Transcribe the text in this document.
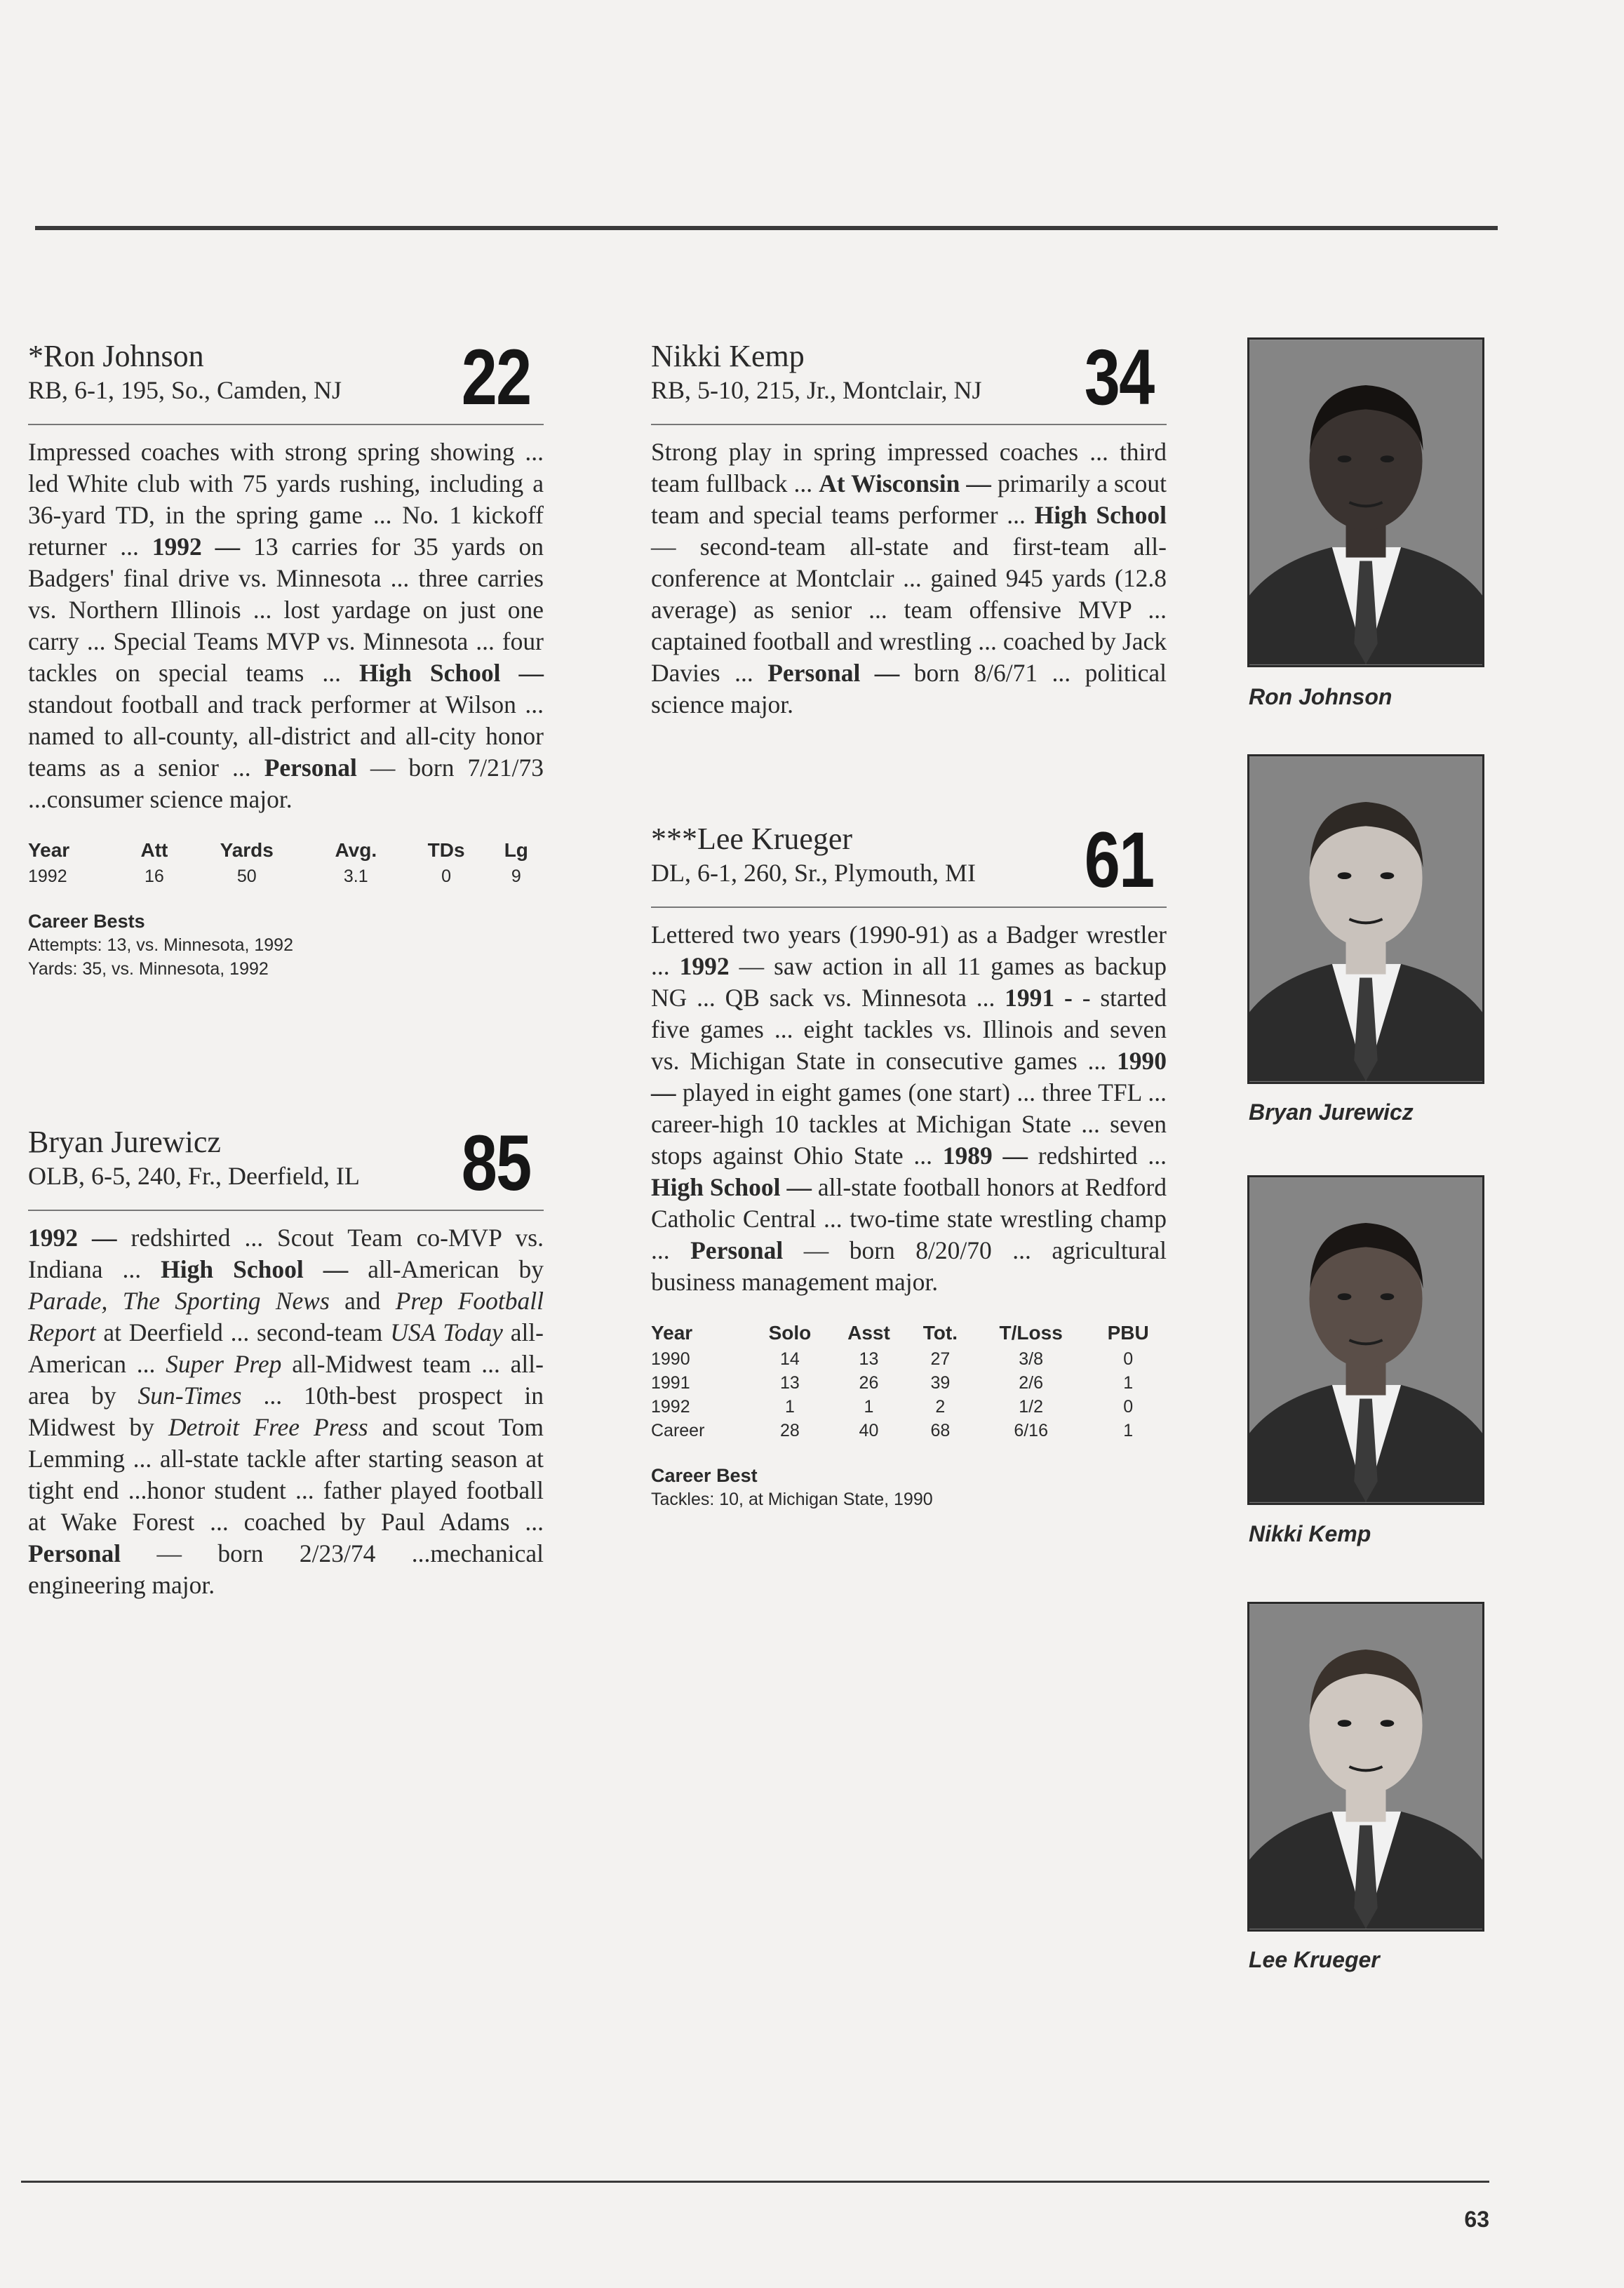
*Ron Johnson
RB, 6-1, 195, So., Camden, NJ	22
Impressed coaches with strong spring showing ... led White club with 75 yards rushing, including a 36-yard TD, in the spring game ... No. 1 kickoff returner ... 1992 — 13 carries for 35 yards on Badgers' final drive vs. Minnesota ... three carries vs. Northern Illinois ... lost yardage on just one carry ... Special Teams MVP vs. Minnesota ... four tackles on special teams ... High School — standout football and track performer at Wilson ... named to all-county, all-district and all-city honor teams as a senior ... Personal — born 7/21/73 ...consumer science major.
Year	Att	Yards	Avg.	TDs	Lg
1992	16	50	3.1	0	9
Career Bests
Attempts: 13, vs. Minnesota, 1992
Yards: 35, vs. Minnesota, 1992
Bryan Jurewicz
OLB, 6-5, 240, Fr., Deerfield, IL	85
1992 — redshirted ... Scout Team co-MVP vs. Indiana ... High School — all-American by Parade, The Sporting News and Prep Football Report at Deerfield ... second-team USA Today all-American ... Super Prep all-Midwest team ... all-area by Sun-Times ... 10th-best prospect in Midwest by Detroit Free Press and scout Tom Lemming ... all-state tackle after starting season at tight end ...honor student ... father played football at Wake Forest ... coached by Paul Adams ... Personal — born 2/23/74 ...mechanical engineering major.
Nikki Kemp
RB, 5-10, 215, Jr., Montclair, NJ	34
Strong play in spring impressed coaches ... third team fullback ... At Wisconsin — primarily a scout team and special teams performer ... High School — second-team all-state and first-team all-conference at Montclair ... gained 945 yards (12.8 average) as senior ... team offensive MVP ... captained football and wrestling ... coached by Jack Davies ... Personal — born 8/6/71 ... political science major.
***Lee Krueger
DL, 6-1, 260, Sr., Plymouth, MI	61
Lettered two years (1990-91) as a Badger wrestler ... 1992 — saw action in all 11 games as backup NG ... QB sack vs. Minnesota ... 1991 - - started five games ... eight tackles vs. Illinois and seven vs. Michigan State in consecutive games ... 1990 — played in eight games (one start) ... three TFL ... career-high 10 tackles at Michigan State ... seven stops against Ohio State ... 1989 — redshirted ... High School — all-state football honors at Redford Catholic Central ... two-time state wrestling champ ... Personal — born 8/20/70 ... agricultural business management major.
Year	Solo	Asst	Tot.	T/Loss	PBU
1990	14	13	27	3/8	0
1991	13	26	39	2/6	1
1992	1	1	2	1/2	0
Career	28	40	68	6/16	1
Career Best
Tackles: 10, at Michigan State, 1990
Ron Johnson
Bryan Jurewicz
Nikki Kemp
Lee Krueger
63
